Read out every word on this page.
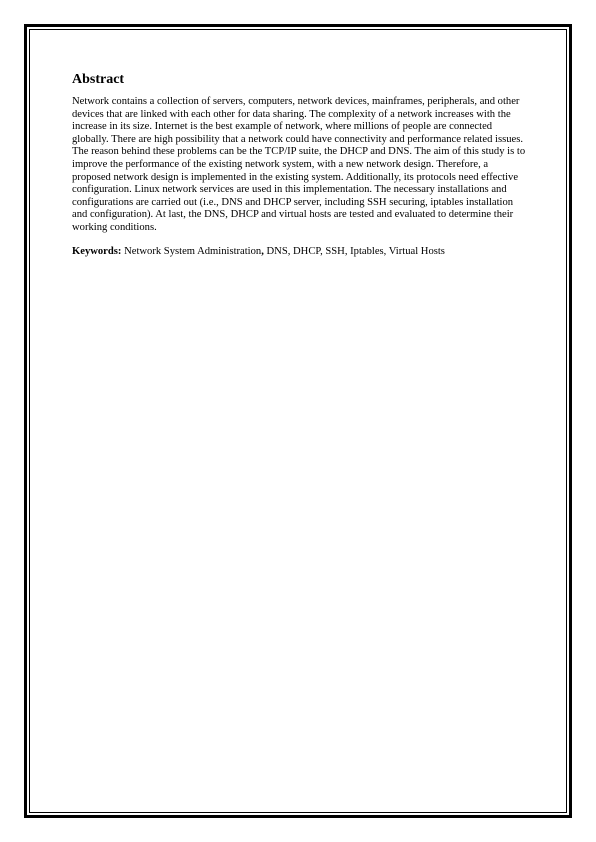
Abstract

Network contains a collection of servers, computers, network devices, mainframes, peripherals, and other devices that are linked with each other for data sharing. The complexity of a network increases with the increase in its size. Internet is the best example of network, where millions of people are connected globally. There are high possibility that a network could have connectivity and performance related issues. The reason behind these problems can be the TCP/IP suite, the DHCP and DNS. The aim of this study is to improve the performance of the existing network system, with a new network design. Therefore, a proposed network design is implemented in the existing system. Additionally, its protocols need effective configuration. Linux network services are used in this implementation. The necessary installations and configurations are carried out (i.e., DNS and DHCP server, including SSH securing, iptables installation and configuration). At last, the DNS, DHCP and virtual hosts are tested and evaluated to determine their working conditions.

Keywords: Network System Administration, DNS, DHCP, SSH, Iptables, Virtual Hosts
